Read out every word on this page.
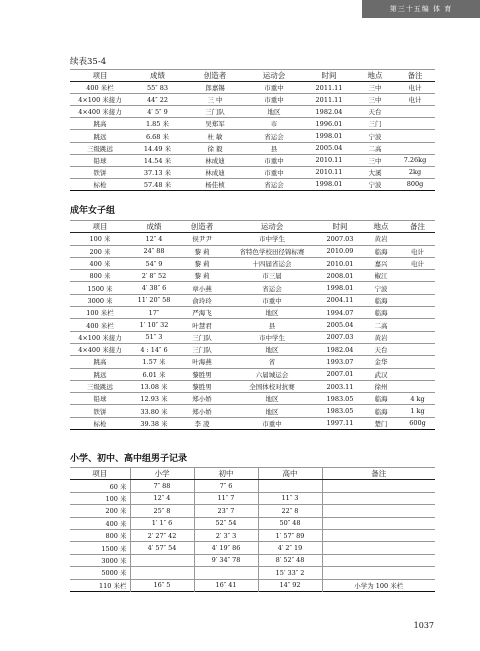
第三十五编 体 育
续表35-4
项目	成绩	创造者	运动会	时间	地点	备注
400 米栏	55″ 83	郎嘉锡	市重中	2011.11	三中	电计
4×100 米接力	44″ 22	三 中	市重中	2011.11	三中	电计
4×400 米接力	4′ 5″ 9	三门队	地区	1982.04	天台	
跳高	1.85 米	吴郑军	市	1996.01	三门	
跳远	6.68 米	杜 敏	省运会	1998.01	宁波	
三级跳远	14.49 米	徐 毅	县	2005.04	二高	
铅球	14.54 米	林成迪	市重中	2010.11	三中	7.26kg
铁饼	37.13 米	林成迪	市重中	2010.11	大溪	2kg
标枪	57.48 米	杨佳桢	省运会	1998.01	宁波	800g
成年女子组
项目	成绩	创造者	运动会	时间	地点	备注
100 米	12″ 4	侯尹尹	市中学生	2007.03	黄岩	
200 米	24″ 88	黎 莉	省特色学校田径锦标赛	2010.09	临海	电计
400 米	54″ 9	黎 莉	十四届省运会	2010.01	嘉兴	电计
800 米	2′ 8″ 52	黎 莉	市三届	2008.01	椒江	
1500 米	4′ 38″ 6	章小燕	省运会	1998.01	宁波	
3000 米	11′ 20″ 58	俞玲玲	市重中	2004.11	临海	
100 米栏	17″	严海飞	地区	1994.07	临海	
400 米栏	1′ 10″ 32	叶慧君	县	2005.04	二高	
4×100 米接力	51″ 3	三门队	市中学生	2007.03	黄岩	
4×400 米接力	4 : 14″ 6	三门队	地区	1982.04	天台	
跳高	1.57 米	叶海燕	省	1993.07	金华	
跳远	6.01 米	黎胜男	六届城运会	2007.01	武汉	
三级跳远	13.08 米	黎胜男	全国体校对抗赛	2003.11	徐州	
铅球	12.93 米	郑小娇	地区	1983.05	临海	4 kg
铁饼	33.80 米	郑小娇	地区	1983.05	临海	1 kg
标枪	39.38 米	李 凌	市重中	1997.11	楚门	600g
小学、初中、高中组男子记录
项目	小学	初中	高中	备注
60 米	7″ 88	7″ 6		
100 米	12″ 4	11″ 7	11″ 3	
200 米	25″ 8	23″ 7	22″ 8	
400 米	1′ 1″ 6	52″ 54	50″ 48	
800 米	2′ 27″ 42	2′ 3″ 3	1′ 57″ 89	
1500 米	4′ 57″ 54	4′ 19″ 86	4′ 2″ 19	
3000 米		9′ 34″ 78	8′ 52″ 48	
5000 米			15′ 33″ 2	
110 米栏	16″ 5	16″ 41	14″ 92	小学为 100 米栏
1037
